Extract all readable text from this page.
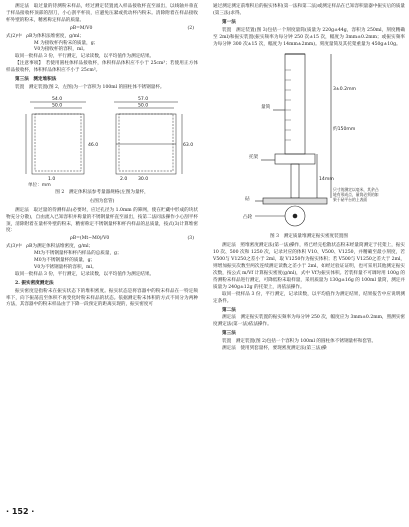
测定法　取过量的待测粉末样品，经过测定装置流入样品接收杯直至溢出，以线轴并垂直于样品接收杯顶部的刮刀，小心刮平杯顶，应避免压紧或扰动杯内粉末。清除附着在样品接收杯外壁的粉末，精密称定样品的质量。

ρB=M/V0	(2)

式(2)中　ρB为体积法堆密度，g/ml；

M 为接收杯内粉末的质量，g；

V0为接收杯的容积，ml。

取同一批样品 3 份，平行测定，记录读数，以平均值作为测定结果。

【注意事项】　若使用圆柱体样品接收杯，体积样品体积应不小于 25cm³；若使用正方体样品接收杯，体积样品体积应不小于 25cm³。

第三法　测定堆积法

装置　测定装置(图 2，左图)为一个容积为 100ml 的圆柱体不锈钢量杯。

54.0
50.0
57.0
50.0
46.0
1.0
63.0
30.0
2.0
单位：mm

图 2　测定体积法参考量器规格(左图为量杯，

右图为套管)

测定法　取过量的待测样品(必要时，应过孔径为 1.0mm 的筛网，使在贮藏中形成的块状物充分分散)，自由流入已知容积并称量的不锈钢量杯直至溢出，按第二法同法操作小心刮平杯顶，清除附着在量杯外壁的粉末，精密称定不锈钢量杯和杯内样品的总质量，按式(3)计算堆密度：

ρB=(Mt−M0)/V0	(3)

式(3)中　ρB为测定体积法堆密度，g/ml；

Mt为不锈钢量杯和杯内样品的总质量，g；

M0为不锈钢量杯的质量，g；

V0为不锈钢量杯的容积，ml。

取同一批样品 3 份，平行测定，记录读数，以平均值作为测定结果。

2. 振实密度测定法

振实密度是指粉末在振实状态下的堆积密度。振实状态是将容器中的粉末样品在一特定频率下，向下振荡直至体积不再变化时粉末样品的状态。依据测定粉末体积的方式不同分为两种方法，其容器中的粉末样品由于下降一段预定的距离实现的，振实密度可

通过测定测定前堆积后的振实体积(第一法和第二法)或测定样品在已知容积量器中振实后的质量(第三法)求得。

第一法

装置　测定装置(图 3)包括一个刻度量筒(质量为 220g±44g，容积为 250ml，刻度精确至 2ml)和振实装置(振实频率为每分钟 250 次±15 次，幅度为 3mm±0.2mm；或振实频率为每分钟 300 次±15 次，幅度为 14mm±2mm)。刻度量筒及其托架重量为 450g±10g。

量筒
托架
砧
凸轮
3±0.2mm
约150mm
14mm
只寸的测定以毫米，其余凸轮有形成点，量筒必须的如果于砧平台的上表面

图 3　测定质量堆测定振实密度装置图

测定法　照堆密度测定法(第一法)操作，将已经完松散状态粉末经量筒测定于托架上，振实 10 次、500 次和 1250 次，记录对应的体积 V10、V500、V1250，并精确至最小刻度，若 V500与 V1250之差小于 2ml，取 V1250作为振实体积；若 V500与 V1250之差大于 2ml，则增加振实次数至两次连续测定读数之差小于 2ml，如经过验证证明，也可采用其他测定振实次数，按公式 m/Vf 计算振实密度(g/ml)，式中 Vf为振实体积。若装样量不可调时用 100g 的待测粉末样品进行测定，可降低粉末取样量，采用质量为 130g±16g 的 100ml 量筒，测定并质量为 240g±12g 的托架上，再依法操作。

取同一批样品 3 份，平行测定，记录读数，以平均值作为测定结果，结果报告中应说明测定条件。

第二法

测定法　测定振实装置的振实频率为每分钟 250 次，幅度应为 3mm±0.2mm，照测实密度测定法(第一法)依法操作。

第三法

装置　测定装置(图 2)包括一个容积为 100ml 的圆柱体不锈钢量杯和套管。

测定法　使用到套量杯，要现密度测定法(第三法)操

· 152 ·
